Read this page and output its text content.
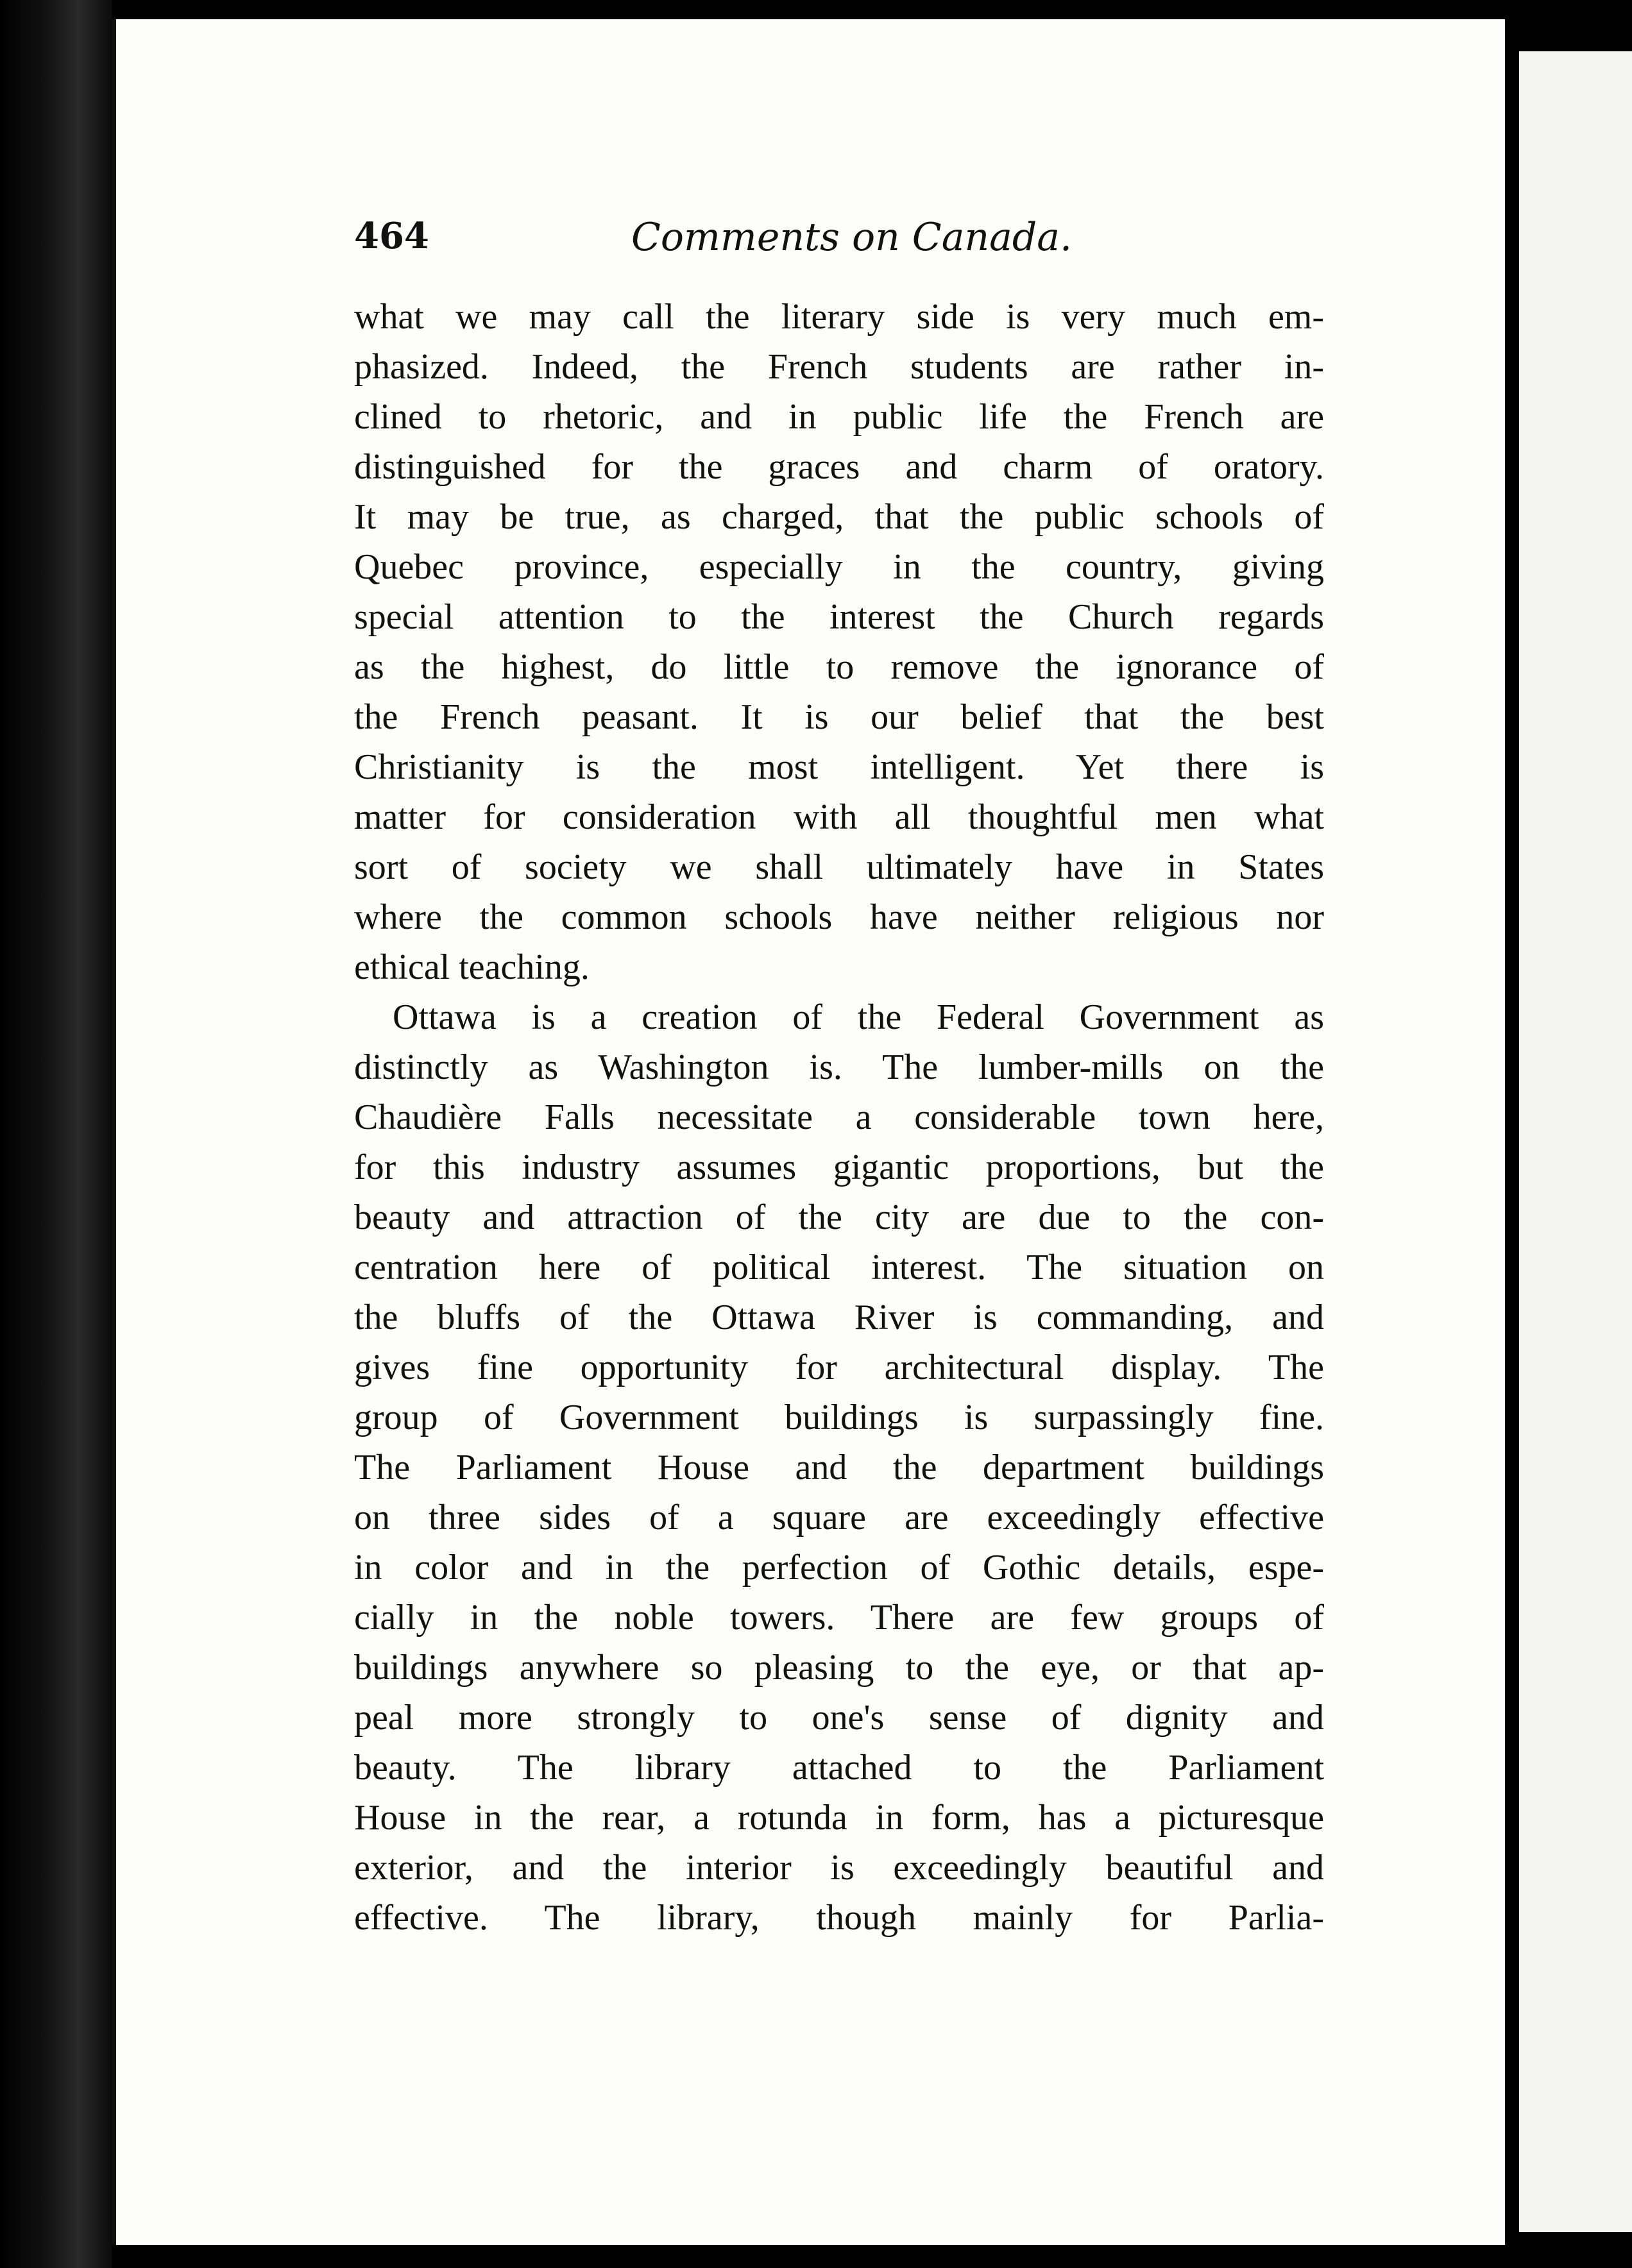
464	Comments on Canada.
what we may call the literary side is very much em-
phasized. Indeed, the French students are rather in-
clined to rhetoric, and in public life the French are
distinguished for the graces and charm of oratory.
It may be true, as charged, that the public schools of
Quebec province, especially in the country, giving
special attention to the interest the Church regards
as the highest, do little to remove the ignorance of
the French peasant. It is our belief that the best
Christianity is the most intelligent. Yet there is
matter for consideration with all thoughtful men what
sort of society we shall ultimately have in States
where the common schools have neither religious nor
ethical teaching.
Ottawa is a creation of the Federal Government as
distinctly as Washington is. The lumber-mills on the
Chaudière Falls necessitate a considerable town here,
for this industry assumes gigantic proportions, but the
beauty and attraction of the city are due to the con-
centration here of political interest. The situation on
the bluffs of the Ottawa River is commanding, and
gives fine opportunity for architectural display. The
group of Government buildings is surpassingly fine.
The Parliament House and the department buildings
on three sides of a square are exceedingly effective
in color and in the perfection of Gothic details, espe-
cially in the noble towers. There are few groups of
buildings anywhere so pleasing to the eye, or that ap-
peal more strongly to one's sense of dignity and
beauty. The library attached to the Parliament
House in the rear, a rotunda in form, has a picturesque
exterior, and the interior is exceedingly beautiful and
effective. The library, though mainly for Parlia-
